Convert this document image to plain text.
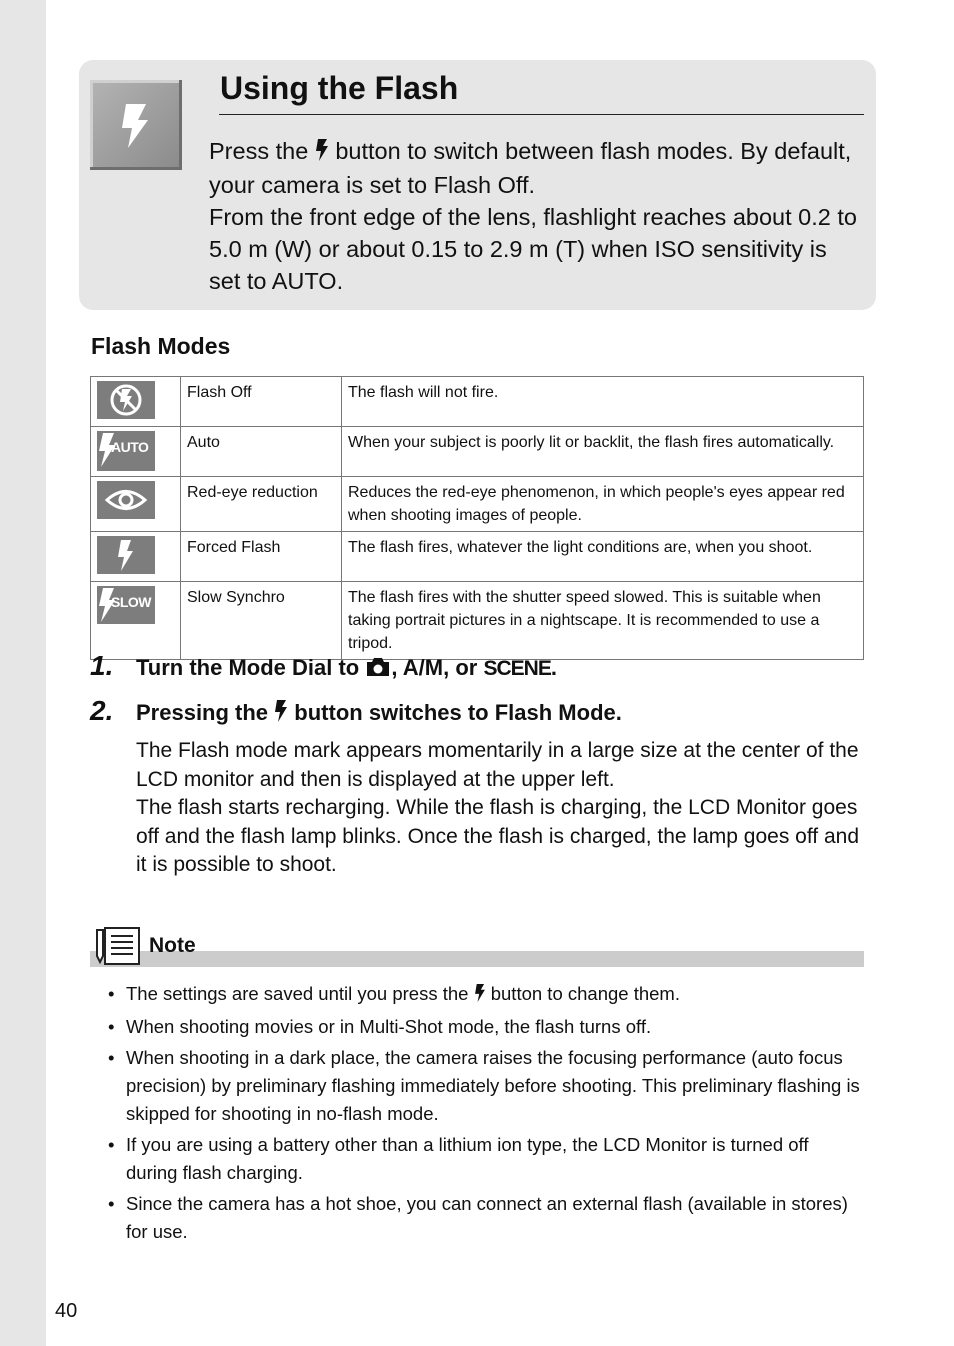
Using the Flash

Press the button to switch between flash modes. By default, your camera is set to Flash Off.

From the front edge of the lens, flashlight reaches about 0.2 to 5.0 m (W) or about 0.15 to 2.9 m (T) when ISO sensitivity is set to AUTO.

Flash Modes
	Flash Off	The flash will not fire.

AUTO	Auto	When your subject is poorly lit or backlit, the flash fires automatically.

	Red-eye reduction	Reduces the red-eye phenomenon, in which people's eyes appear red when shooting images of people.

	Forced Flash	The flash fires, whatever the light conditions are, when you shoot.

SLOW	Slow Synchro	The flash fires with the shutter speed slowed. This is suitable when taking portrait pictures in a nightscape. It is recommended to use a tripod.
1. Turn the Mode Dial to , A/M, or SCENE.
2. Pressing the button switches to Flash Mode.

The Flash mode mark appears momentarily in a large size at the center of the LCD monitor and then is displayed at the upper left.

The flash starts recharging. While the flash is charging, the LCD Monitor goes off and the flash lamp blinks. Once the flash is charged, the lamp goes off and it is possible to shoot.

Note
• The settings are saved until you press the button to change them.
• When shooting movies or in Multi-Shot mode, the flash turns off.
• When shooting in a dark place, the camera raises the focusing performance (auto focus precision) by preliminary flashing immediately before shooting. This preliminary flashing is skipped for shooting in no-flash mode.
• If you are using a battery other than a lithium ion type, the LCD Monitor is turned off during flash charging.
• Since the camera has a hot shoe, you can connect an external flash (available in stores) for use.
40
